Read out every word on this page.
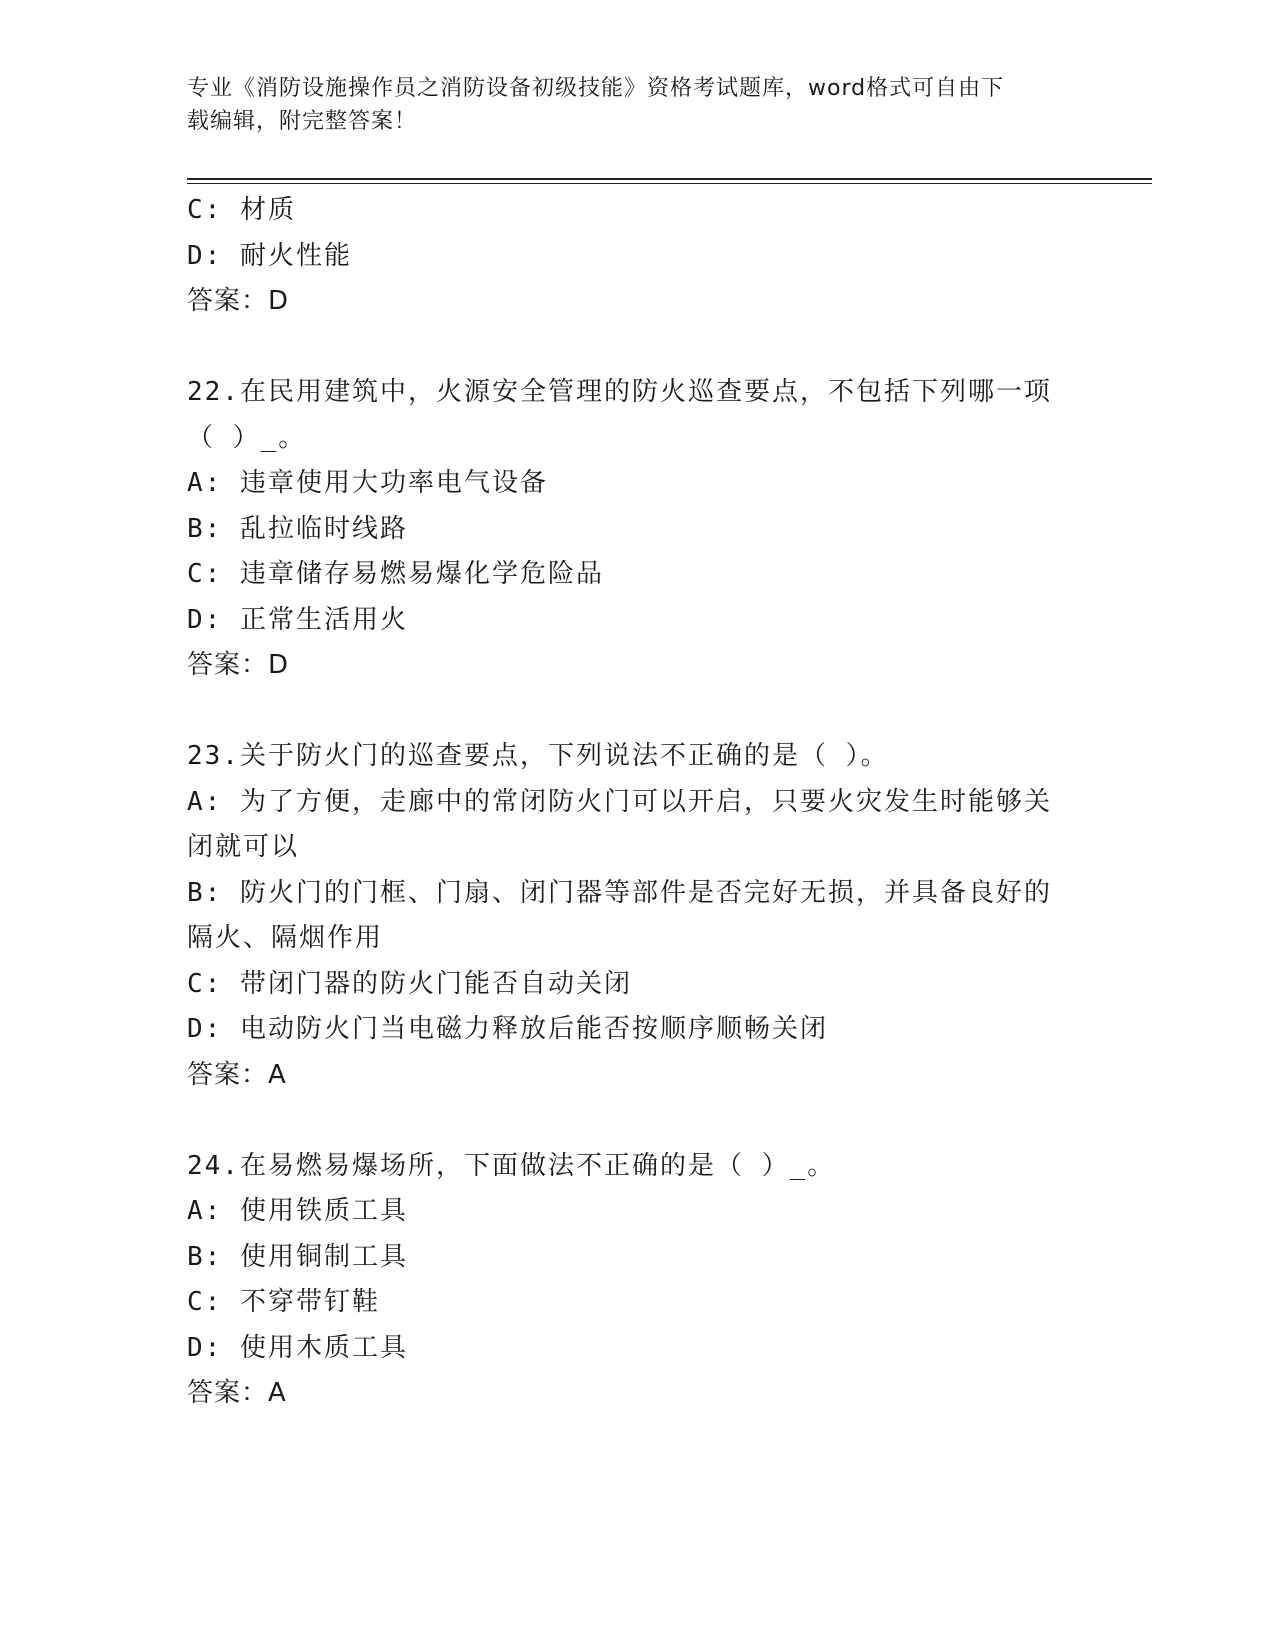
专业《消防设施操作员之消防设备初级技能》资格考试题库，word格式可自由下
载编辑，附完整答案！
C: 材质
D: 耐火性能
答案：D
22.在民用建筑中，火源安全管理的防火巡查要点，不包括下列哪一项
（ ）_。
A: 违章使用大功率电气设备
B: 乱拉临时线路
C: 违章储存易燃易爆化学危险品
D: 正常生活用火
答案：D
23.关于防火门的巡查要点，下列说法不正确的是（ ）。
A: 为了方便，走廊中的常闭防火门可以开启，只要火灾发生时能够关
闭就可以
B: 防火门的门框、门扇、闭门器等部件是否完好无损，并具备良好的
隔火、隔烟作用
C: 带闭门器的防火门能否自动关闭
D: 电动防火门当电磁力释放后能否按顺序顺畅关闭
答案：A
24.在易燃易爆场所，下面做法不正确的是（ ）_。
A: 使用铁质工具
B: 使用铜制工具
C: 不穿带钉鞋
D: 使用木质工具
答案：A
